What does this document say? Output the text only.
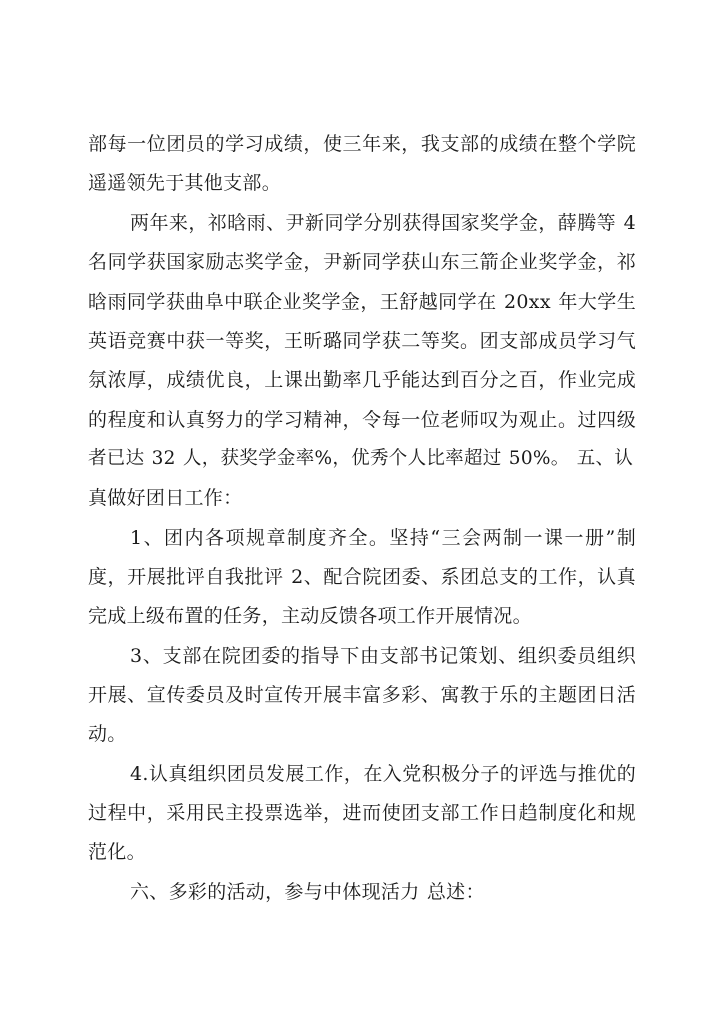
部每一位团员的学习成绩，使三年来，我支部的成绩在整个学院
遥遥领先于其他支部。
两年来，祁晗雨、尹新同学分别获得国家奖学金，薛腾等 4
名同学获国家励志奖学金，尹新同学获山东三箭企业奖学金，祁
晗雨同学获曲阜中联企业奖学金，王舒越同学在 20xx 年大学生
英语竞赛中获一等奖，王昕璐同学获二等奖。团支部成员学习气
氛浓厚，成绩优良，上课出勤率几乎能达到百分之百，作业完成
的程度和认真努力的学习精神，令每一位老师叹为观止。过四级
者已达 32 人，获奖学金率%，优秀个人比率超过 50%。 五、认
真做好团日工作：
1、团内各项规章制度齐全。坚持“三会两制一课一册”制
度，开展批评自我批评 2、配合院团委、系团总支的工作，认真
完成上级布置的任务，主动反馈各项工作开展情况。
3、支部在院团委的指导下由支部书记策划、组织委员组织
开展、宣传委员及时宣传开展丰富多彩、寓教于乐的主题团日活
动。
4.认真组织团员发展工作，在入党积极分子的评选与推优的
过程中，采用民主投票选举，进而使团支部工作日趋制度化和规
范化。
六、多彩的活动，参与中体现活力 总述：
